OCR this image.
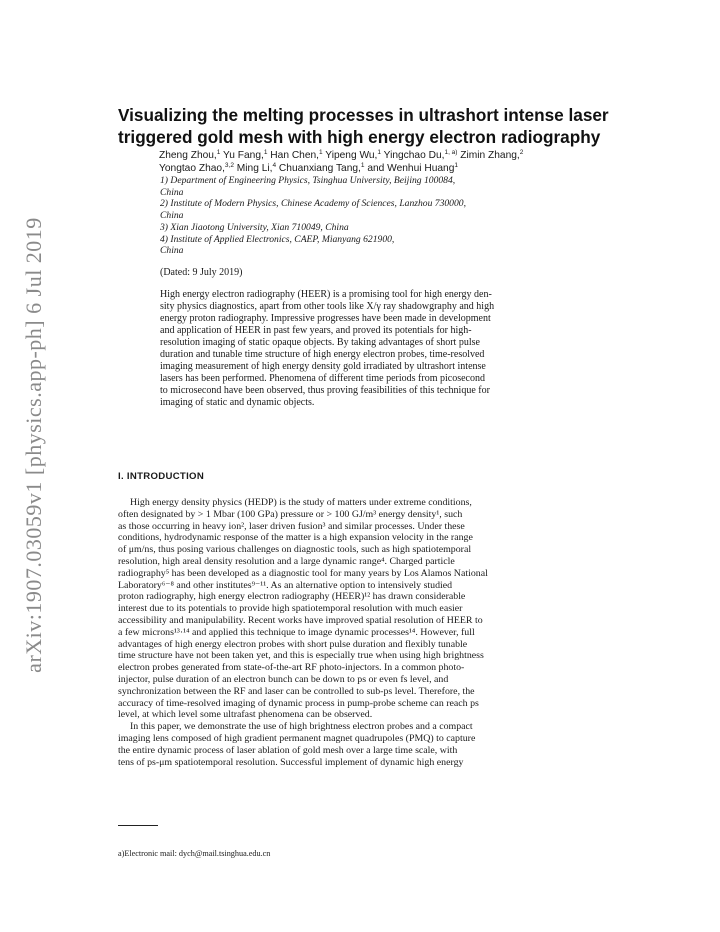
arXiv:1907.03059v1 [physics.app-ph] 6 Jul 2019
Visualizing the melting processes in ultrashort intense laser
triggered gold mesh with high energy electron radiography
Zheng Zhou,$^1$ Yu Fang,$^1$ Han Chen,$^1$ Yipeng Wu,$^1$ Yingchao Du,$^{1, a)}$ Zimin Zhang,$^2$
Yongtao Zhao,$^{3,2}$ Ming Li,$^4$ Chuanxiang Tang,$^1$ and Wenhui Huang$^1$
1) Department of Engineering Physics, Tsinghua University, Beijing 100084,
China
2) Institute of Modern Physics, Chinese Academy of Sciences, Lanzhou 730000,
China
3) Xian Jiaotong University, Xian 710049, China
4) Institute of Applied Electronics, CAEP, Mianyang 621900,
China
(Dated: 9 July 2019)
High energy electron radiography (HEER) is a promising tool for high energy den-
sity physics diagnostics, apart from other tools like X/γ ray shadowgraphy and high
energy proton radiography. Impressive progresses have been made in development
and application of HEER in past few years, and proved its potentials for high-
resolution imaging of static opaque objects. By taking advantages of short pulse
duration and tunable time structure of high energy electron probes, time-resolved
imaging measurement of high energy density gold irradiated by ultrashort intense
lasers has been performed. Phenomena of different time periods from picosecond
to microsecond have been observed, thus proving feasibilities of this technique for
imaging of static and dynamic objects.
I. INTRODUCTION
High energy density physics (HEDP) is the study of matters under extreme conditions,
often designated by > 1 Mbar (100 GPa) pressure or > 100 GJ/m³ energy density¹, such
as those occurring in heavy ion², laser driven fusion³ and similar processes. Under these
conditions, hydrodynamic response of the matter is a high expansion velocity in the range
of μm/ns, thus posing various challenges on diagnostic tools, such as high spatiotemporal
resolution, high areal density resolution and a large dynamic range⁴. Charged particle
radiography⁵ has been developed as a diagnostic tool for many years by Los Alamos National
Laboratory⁶⁻⁸ and other institutes⁹⁻¹¹. As an alternative option to intensively studied
proton radiography, high energy electron radiography (HEER)¹² has drawn considerable
interest due to its potentials to provide high spatiotemporal resolution with much easier
accessibility and manipulability. Recent works have improved spatial resolution of HEER to
a few microns¹³·¹⁴ and applied this technique to image dynamic processes¹⁴. However, full
advantages of high energy electron probes with short pulse duration and flexibly tunable
time structure have not been taken yet, and this is especially true when using high brightness
electron probes generated from state-of-the-art RF photo-injectors. In a common photo-
injector, pulse duration of an electron bunch can be down to ps or even fs level, and
synchronization between the RF and laser can be controlled to sub-ps level. Therefore, the
accuracy of time-resolved imaging of dynamic process in pump-probe scheme can reach ps
level, at which level some ultrafast phenomena can be observed.
In this paper, we demonstrate the use of high brightness electron probes and a compact
imaging lens composed of high gradient permanent magnet quadrupoles (PMQ) to capture
the entire dynamic process of laser ablation of gold mesh over a large time scale, with
tens of ps-μm spatiotemporal resolution. Successful implement of dynamic high energy
a)Electronic mail: dych@mail.tsinghua.edu.cn
